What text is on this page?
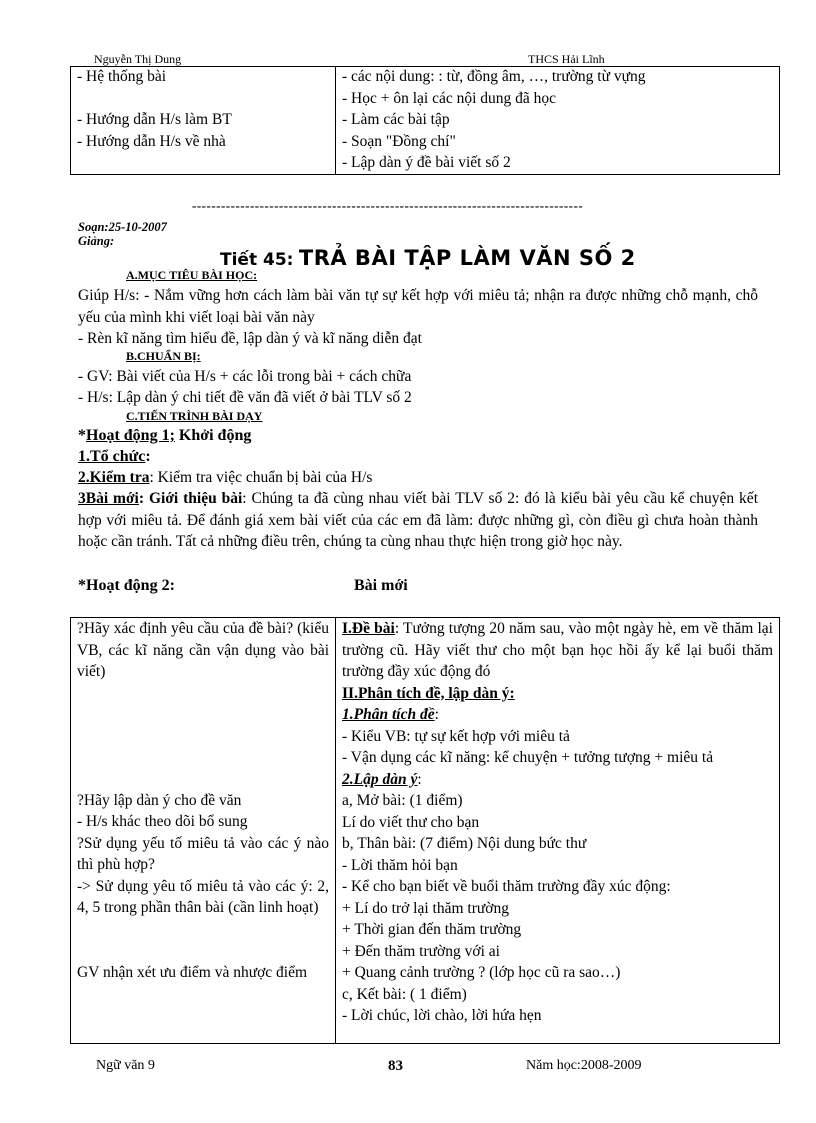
Nguyễn Thị Dung	THCS Hải Lĩnh
- Hệ thống bài
- Hướng dẫn H/s làm BT
- Hướng dẫn H/s về nhà

- các nội dung: : từ, đồng âm, …, trường từ vựng
- Học + ôn lại các nội dung đã học
- Làm các bài tập
- Soạn "Đồng chí"
- Lập dàn ý đề bài viết số 2
---------------------------------------------------------------------------------
Soạn:25-10-2007
Giảng:
Tiết 45: TRẢ BÀI TẬP LÀM VĂN SỐ 2
A.MỤC TIÊU BÀI HỌC:
Giúp H/s: - Nắm vững hơn cách làm bài văn tự sự kết hợp với miêu tả; nhận ra được những chỗ mạnh, chỗ yếu của mình khi viết loại bài văn này
- Rèn kĩ năng tìm hiểu đề, lập dàn ý và kĩ năng diễn đạt
B.CHUẨN BỊ:
- GV: Bài viết của H/s + các lỗi trong bài + cách chữa
- H/s: Lập dàn ý chi tiết đề văn đã viết ở bài TLV số 2
C.TIẾN TRÌNH BÀI DẠY
*Hoạt động 1; Khởi động
1.Tổ chức:
2.Kiểm tra: Kiểm tra việc chuẩn bị bài của H/s
3Bài mới: Giới thiệu bài: Chúng ta đã cùng nhau viết bài TLV số 2: đó là kiểu bài yêu cầu kể chuyện kết hợp với miêu tả. Để đánh giá xem bài viết của các em đã làm: được những gì, còn điều gì chưa hoàn thành hoặc cần tránh. Tất cả những điều trên, chúng ta cùng nhau thực hiện trong giờ học này.
*Hoạt động 2:	Bài mới
?Hãy xác định yêu cầu của đề bài? (kiểu VB, các kĩ năng cần vận dụng vào bài viết)
?Hãy lập dàn ý cho đề văn
- H/s khác theo dõi bổ sung
?Sử dụng yếu tố miêu tả vào các ý nào thì phù hợp?
-> Sử dụng yêu tố miêu tả vào các ý: 2, 4, 5 trong phần thân bài (cần linh hoạt)
GV nhận xét ưu điểm và nhược điểm

I.Đề bài: Tưởng tượng 20 năm sau, vào một ngày hè, em về thăm lại trường cũ. Hãy viết thư cho một bạn học hồi ấy kể lại buổi thăm trường đầy xúc động đó
II.Phân tích đề, lập dàn ý:
1.Phân tích đề:
- Kiểu VB: tự sự kết hợp với miêu tả
- Vận dụng các kĩ năng: kể chuyện + tưởng tượng + miêu tả
2.Lập dàn ý:
a, Mở bài: (1 điểm)
Lí do viết thư cho bạn
b, Thân bài: (7 điểm) Nội dung bức thư
- Lời thăm hỏi bạn
- Kể cho bạn biết về buổi thăm trường đầy xúc động:
+ Lí do trở lại thăm trường
+ Thời gian đến thăm trường
+ Đến thăm trường với ai
+ Quang cảnh trường ? (lớp học cũ ra sao…)
c, Kết bài: ( 1 điểm)
- Lời chúc, lời chào, lời hứa hẹn
Ngữ văn 9	83	Năm học:2008-2009
